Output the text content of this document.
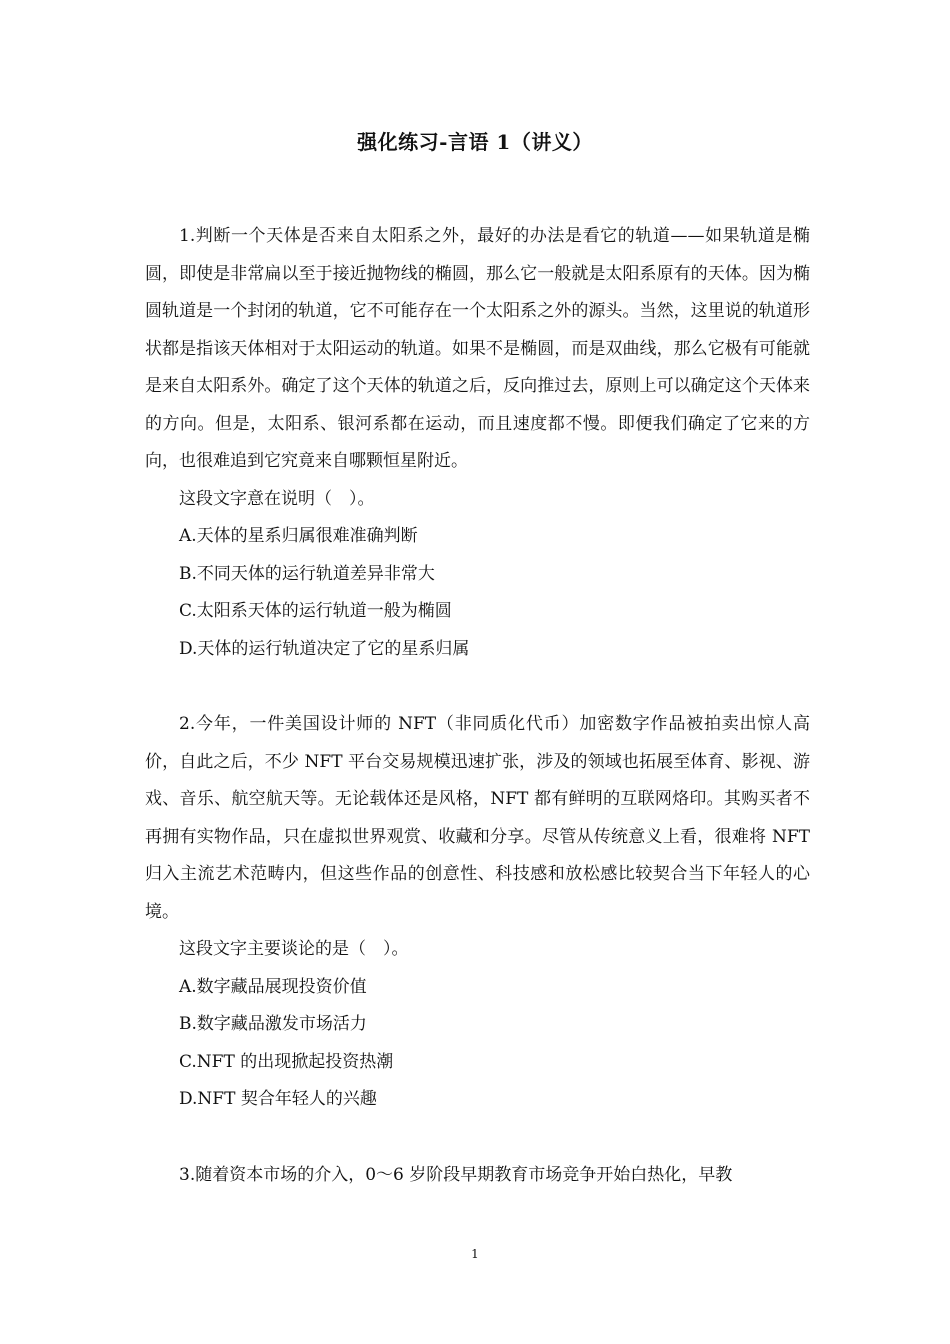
强化练习-言语 1（讲义）

1.判断一个天体是否来自太阳系之外，最好的办法是看它的轨道——如果轨道是椭圆，即使是非常扁以至于接近抛物线的椭圆，那么它一般就是太阳系原有的天体。因为椭圆轨道是一个封闭的轨道，它不可能存在一个太阳系之外的源头。当然，这里说的轨道形状都是指该天体相对于太阳运动的轨道。如果不是椭圆，而是双曲线，那么它极有可能就是来自太阳系外。确定了这个天体的轨道之后，反向推过去，原则上可以确定这个天体来的方向。但是，太阳系、银河系都在运动，而且速度都不慢。即便我们确定了它来的方向，也很难追到它究竟来自哪颗恒星附近。

这段文字意在说明（　）。

A.天体的星系归属很难准确判断

B.不同天体的运行轨道差异非常大

C.太阳系天体的运行轨道一般为椭圆

D.天体的运行轨道决定了它的星系归属

2.今年，一件美国设计师的 NFT（非同质化代币）加密数字作品被拍卖出惊人高价，自此之后，不少 NFT 平台交易规模迅速扩张，涉及的领域也拓展至体育、影视、游戏、音乐、航空航天等。无论载体还是风格，NFT 都有鲜明的互联网烙印。其购买者不再拥有实物作品，只在虚拟世界观赏、收藏和分享。尽管从传统意义上看，很难将 NFT 归入主流艺术范畴内，但这些作品的创意性、科技感和放松感比较契合当下年轻人的心境。

这段文字主要谈论的是（　）。

A.数字藏品展现投资价值

B.数字藏品激发市场活力

C.NFT 的出现掀起投资热潮

D.NFT 契合年轻人的兴趣

3.随着资本市场的介入，0～6 岁阶段早期教育市场竞争开始白热化，早教

1
